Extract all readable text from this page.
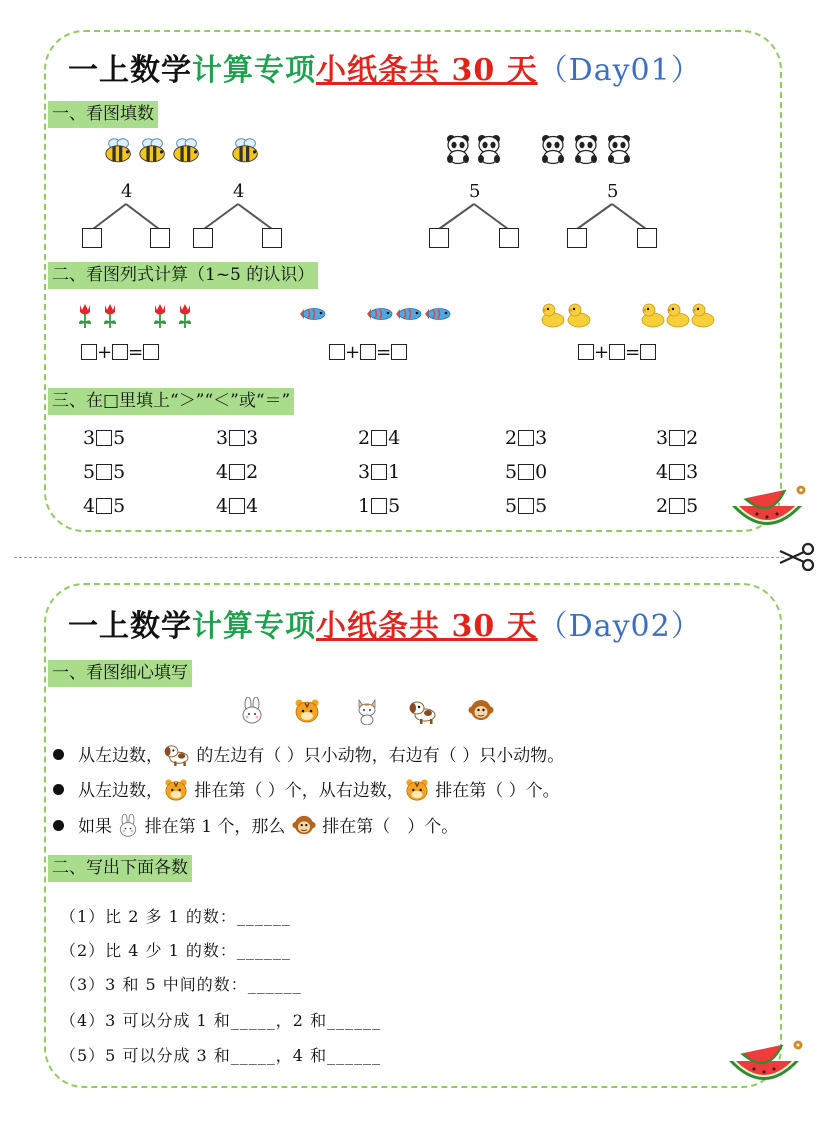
一上数学计算专项小纸条共 30 天（Day01）
一、看图填数
4	4	5	5
二、看图列式计算（1~5 的认识）
+ =	+ =	+ =
三、在□里填上“＞”“＜”或“＝”
3 5	3 3	2 4	2 3	3 2
5 5	4 2	3 1	5 0	4 3
4 5	4 4	1 5	5 5	2 5
一上数学计算专项小纸条共 30 天（Day02）
一、看图细心填写
从左边数， 的左边有（ ）只小动物，右边有（ ）只小动物。
从左边数， 排在第（ ）个，从右边数， 排在第（ ）个。
如果  排在第 1 个，那么  排在第（　）个。
二、写出下面各数
（1）比 2 多 1 的数：______
（2）比 4 少 1 的数：______
（3）3 和 5 中间的数：______
（4）3 可以分成 1 和_____，2 和______
（5）5 可以分成 3 和_____，4 和______
